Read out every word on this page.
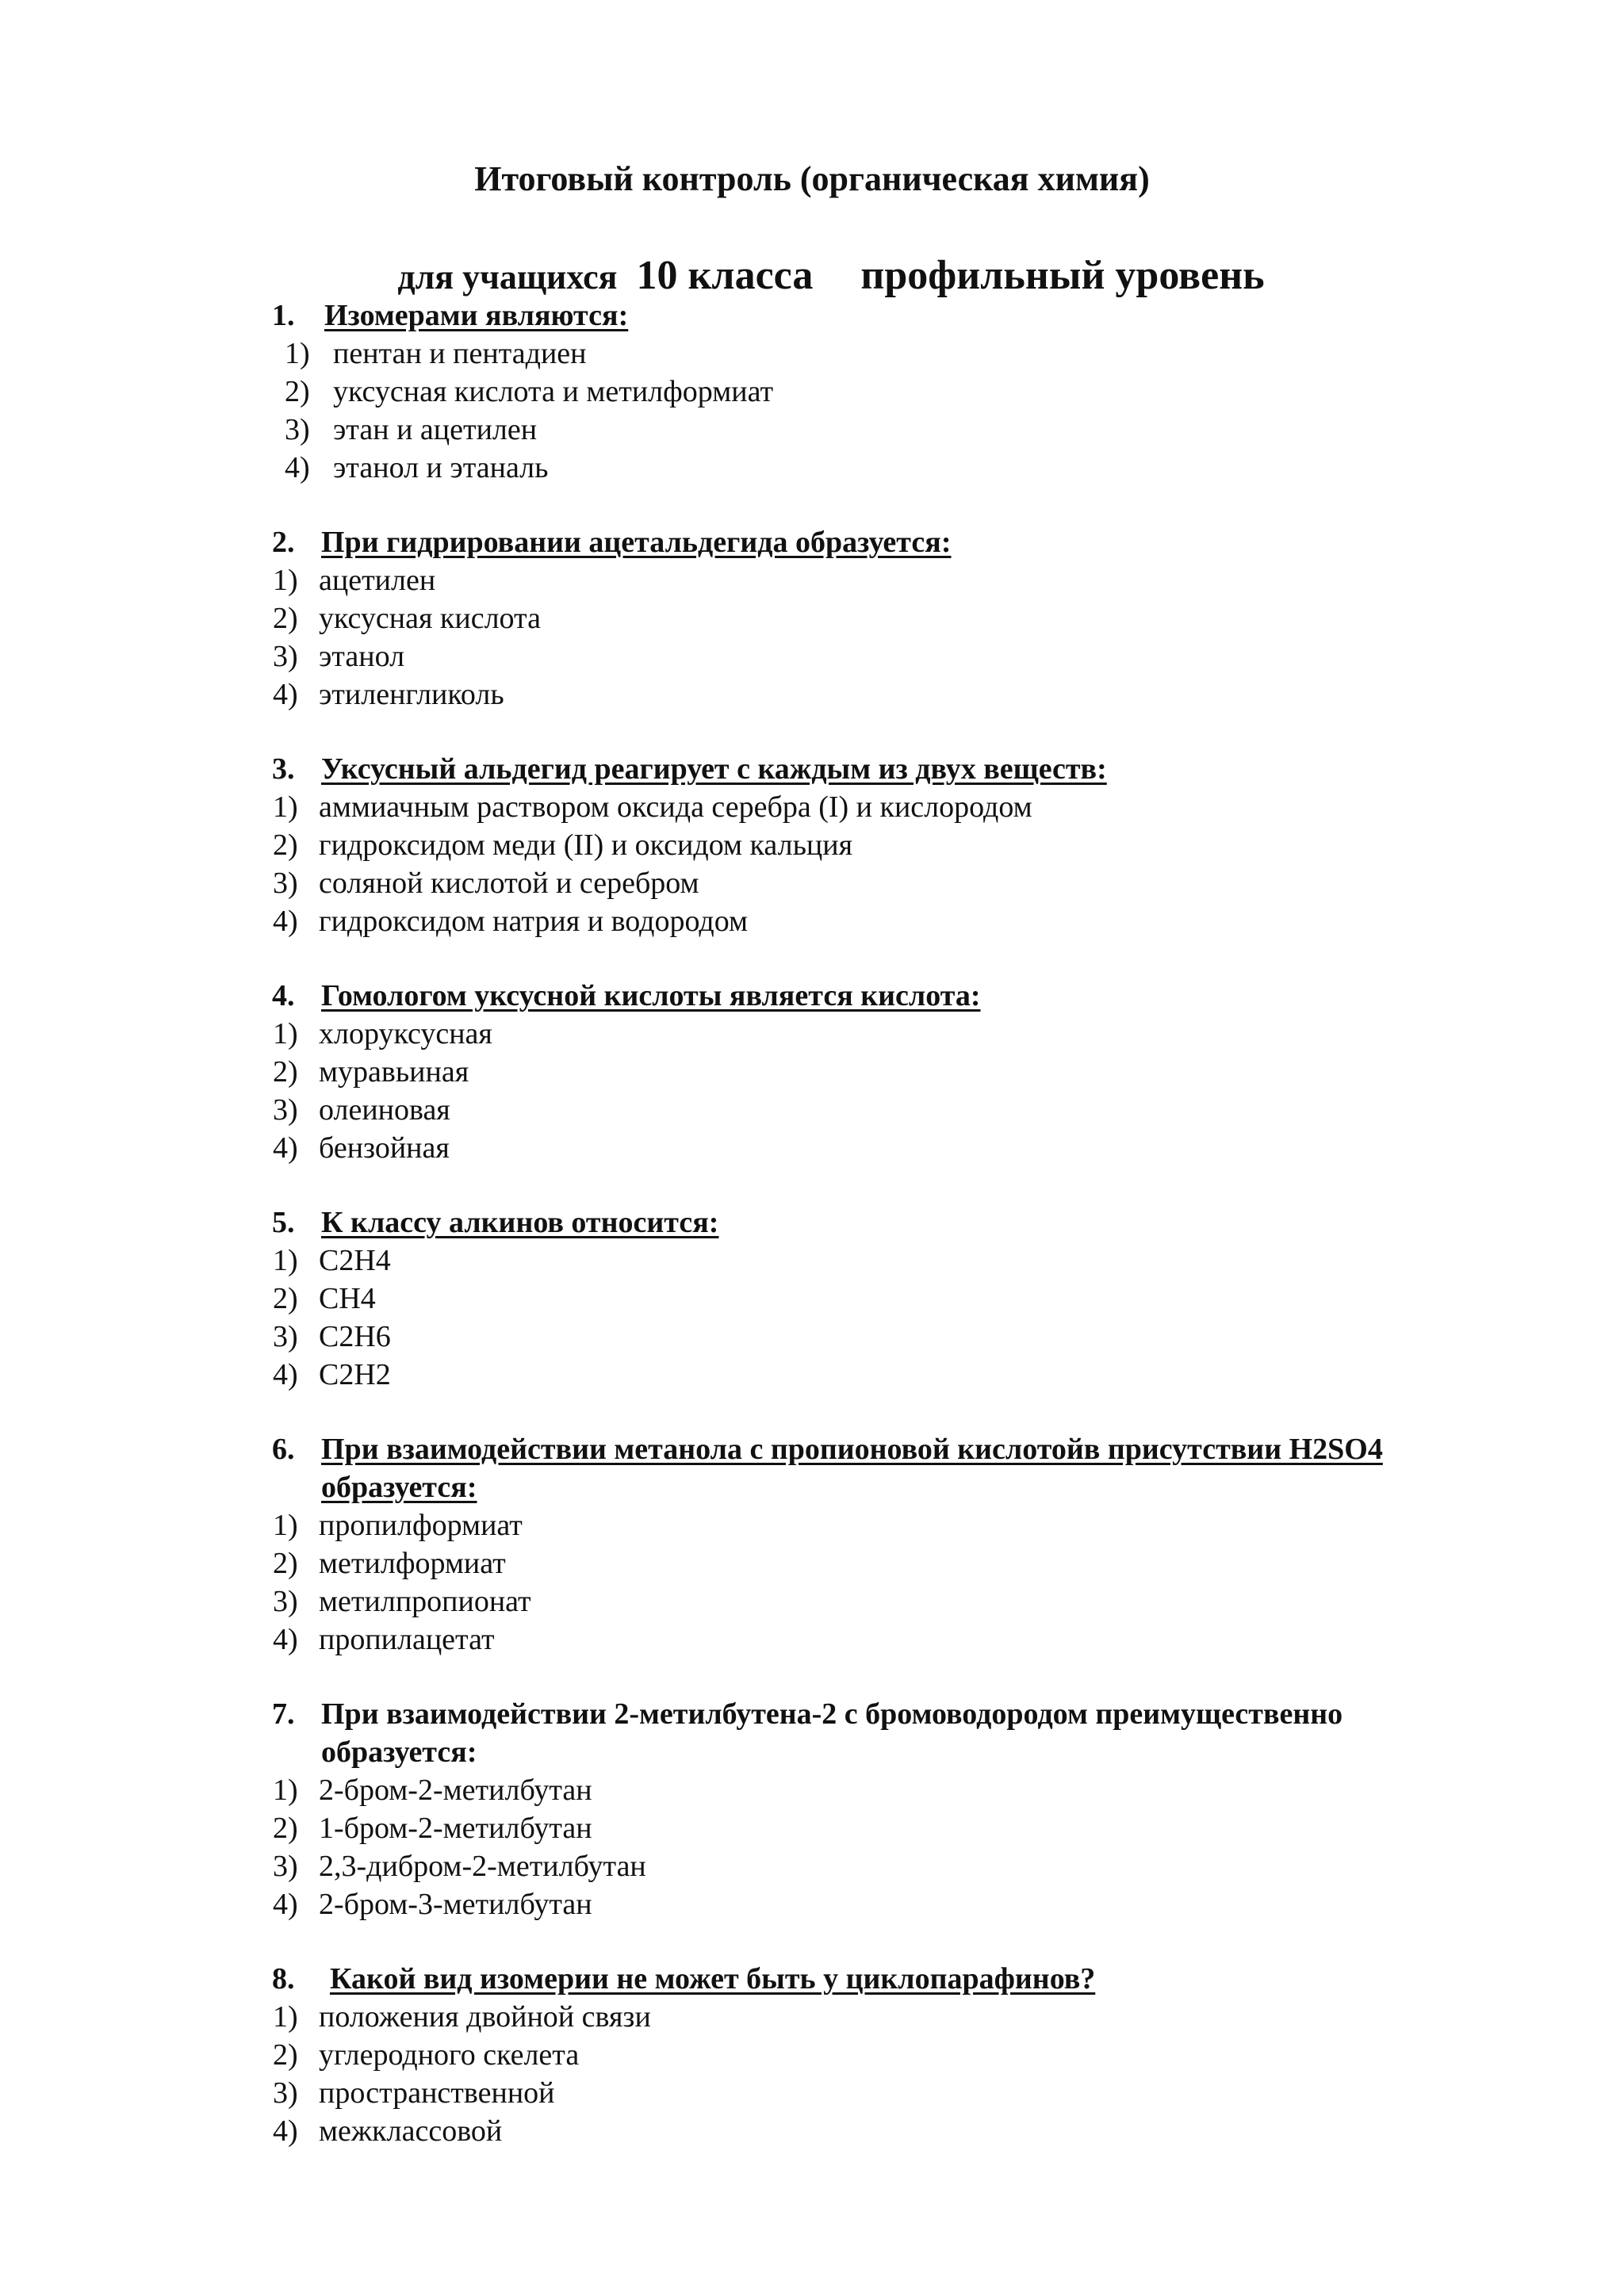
Итоговый контроль (органическая химия)

для учащихся 10 класса профильный уровень

1. Изомерами являются:
1) пентан и пентадиен
2) уксусная кислота и метилформиат
3) этан и ацетилен
4) этанол и этаналь
2. При гидрировании ацетальдегида образуется:
1) ацетилен
2) уксусная кислота
3) этанол
4) этиленгликоль
3. Уксусный альдегид реагирует с каждым из двух веществ:
1) аммиачным раствором оксида серебра (I) и кислородом
2) гидроксидом меди (II) и оксидом кальция
3) соляной кислотой и серебром
4) гидроксидом натрия и водородом
4. Гомологом уксусной кислоты является кислота:
1) хлоруксусная
2) муравьиная
3) олеиновая
4) бензойная
5. К классу алкинов относится:
1) C2H4
2) CH4
3) C2H6
4) C2H2
6. При взаимодействии метанола с пропионовой кислотойв присутствии H2SO4
образуется:
1) пропилформиат
2) метилформиат
3) метилпропионат
4) пропилацетат
7. При взаимодействии 2-метилбутена-2 с бромоводородом преимущественно
образуется:
1) 2-бром-2-метилбутан
2) 1-бром-2-метилбутан
3) 2,3-дибром-2-метилбутан
4) 2-бром-3-метилбутан
8. Какой вид изомерии не может быть у циклопарафинов?
1) положения двойной связи
2) углеродного скелета
3) пространственной
4) межклассовой
